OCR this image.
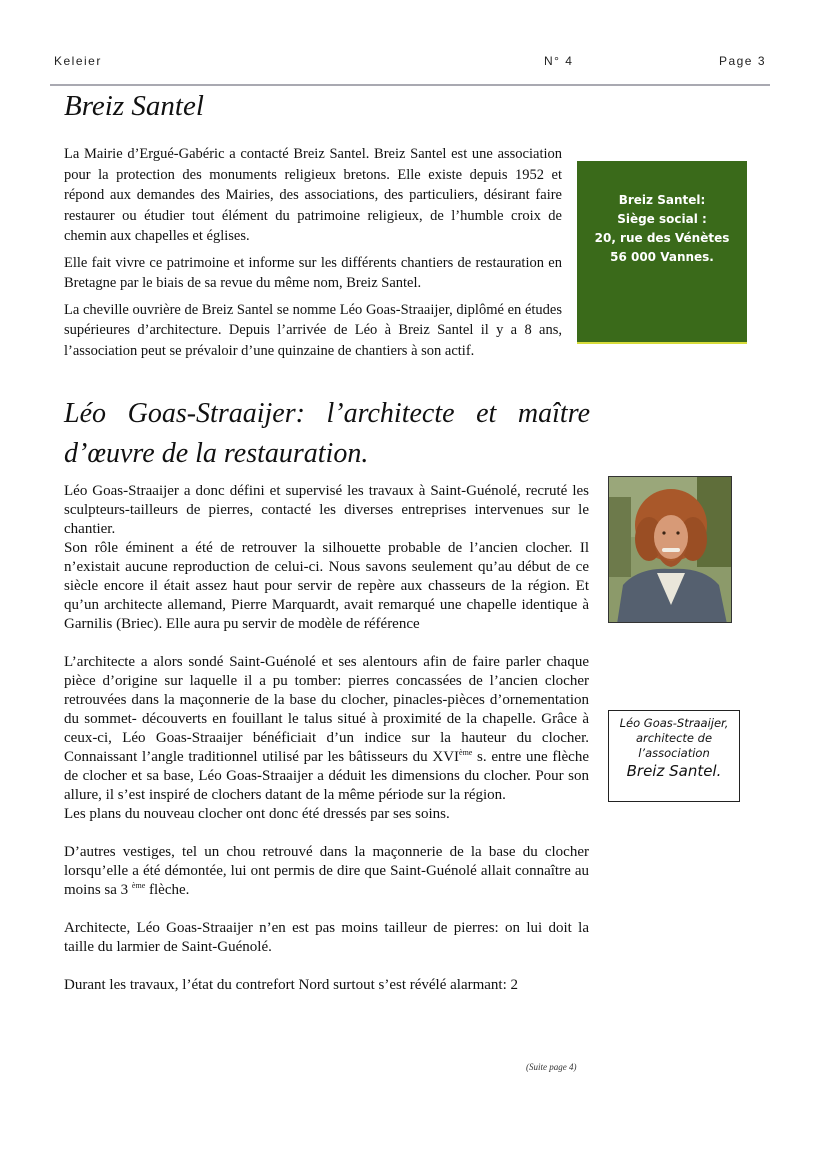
Keleier	N° 4	Page 3
Breiz Santel

La Mairie d’Ergué-Gabéric a contacté Breiz Santel. Breiz Santel est une association pour la protection des monuments religieux bretons. Elle existe depuis 1952 et répond aux demandes des Mairies, des associations, des particuliers, désirant faire restaurer ou étudier tout élément du patrimoine religieux, de l’humble croix de chemin aux chapelles et églises.

Elle fait vivre ce patrimoine et informe sur les différents chantiers de restauration en Bretagne par le biais de sa revue du même nom, Breiz Santel.

La cheville ouvrière de Breiz Santel se nomme Léo Goas-Straaijer, diplômé en études supérieures d’architecture. Depuis l’arrivée de Léo à Breiz Santel il y a 8 ans, l’association peut se prévaloir d’une quinzaine de chantiers à son actif.

Breiz Santel:
Siège social :
20, rue des Vénètes
56 000 Vannes.
Léo Goas-Straaijer: l’architecte et maître
d’œuvre de la restauration.

Léo Goas-Straaijer a donc défini et supervisé les travaux à Saint-Guénolé, recruté les sculpteurs-tailleurs de pierres, contacté les diverses entreprises intervenues sur le chantier.

Son rôle éminent a été de retrouver la silhouette probable de l’ancien clocher. Il n’existait aucune reproduction de celui-ci. Nous savons seulement qu’au début de ce siècle encore il était assez haut pour servir de repère aux chasseurs de la région. Et qu’un architecte allemand, Pierre Marquardt, avait remarqué une chapelle identique à Garnilis (Briec). Elle aura pu servir de modèle de référence

L’architecte a alors sondé Saint-Guénolé et ses alentours afin de faire parler chaque pièce d’origine sur laquelle il a pu tomber: pierres concassées de l’ancien clocher retrouvées dans la maçonnerie de la base du clocher, pinacles-pièces d’ornementation du sommet- découverts en fouillant le talus situé à proximité de la chapelle. Grâce à ceux-ci, Léo Goas-Straaijer bénéficiait d’un indice sur la hauteur du clocher. Connaissant l’angle traditionnel utilisé par les bâtisseurs du XVIème s. entre une flèche de clocher et sa base, Léo Goas-Straaijer a déduit les dimensions du clocher. Pour son allure, il s’est inspiré de clochers datant de la même période sur la région.

Les plans du nouveau clocher ont donc été dressés par ses soins.

D’autres vestiges, tel un chou retrouvé dans la maçonnerie de la base du clocher lorsqu’elle a été démontée, lui ont permis de dire que Saint-Guénolé allait connaître au moins sa 3 $^{ème}$ flèche.

Architecte, Léo Goas-Straaijer n’en est pas moins tailleur de pierres: on lui doit la taille du larmier de Saint-Guénolé.

Durant les travaux, l’état du contrefort Nord surtout s’est révélé alarmant: 2

Léo Goas-Straaijer,
architecte de
l’association
Breiz Santel.
(Suite page 4)
